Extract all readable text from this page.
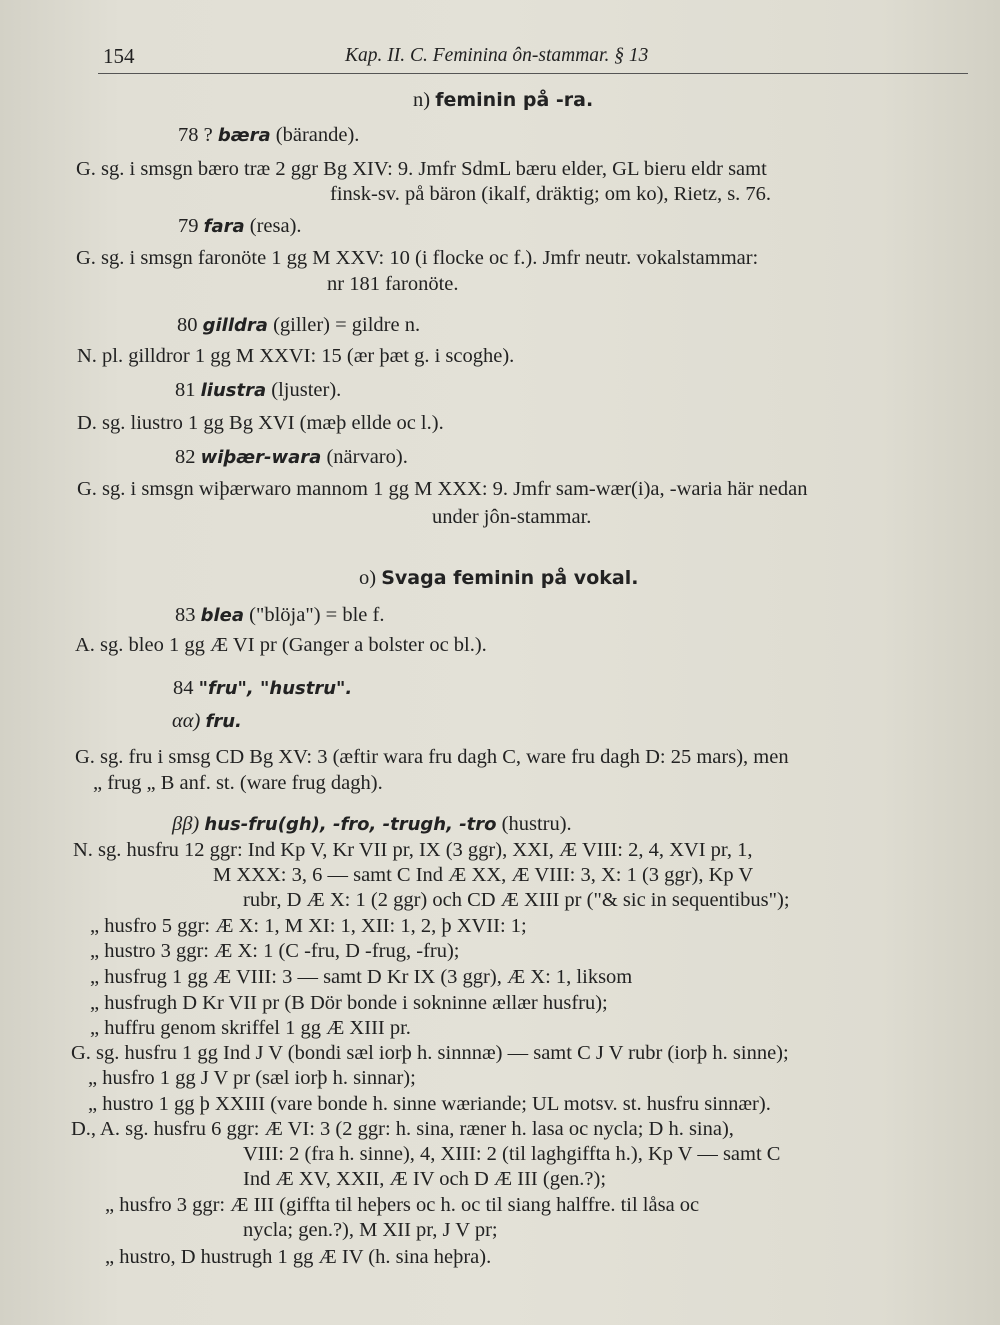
154	Kap. II. C. Feminina ôn-stammar. § 13
n) feminin på -ra.
78 ? bæra (bärande).
G. sg. i smsgn bæro træ 2 ggr Bg XIV: 9. Jmfr SdmL bæru elder, GL bieru eldr samt
finsk-sv. på bäron (ikalf, dräktig; om ko), Rietz, s. 76.
79 fara (resa).
G. sg. i smsgn faronöte 1 gg M XXV: 10 (i flocke oc f.). Jmfr neutr. vokalstammar:
nr 181 faronöte.
80 gilldra (giller) = gildre n.
N. pl. gilldror 1 gg M XXVI: 15 (ær þæt g. i scoghe).
81 liustra (ljuster).
D. sg. liustro 1 gg Bg XVI (mæþ ellde oc l.).
82 wiþær-wara (närvaro).
G. sg. i smsgn wiþærwaro mannom 1 gg M XXX: 9. Jmfr sam-wær(i)a, -waria här nedan
under jôn-stammar.
o) Svaga feminin på vokal.
83 blea ("blöja") = ble f.
A. sg. bleo 1 gg Æ VI pr (Ganger a bolster oc bl.).
84 "fru", "hustru".
αα) fru.
G. sg. fru i smsg CD Bg XV: 3 (æftir wara fru dagh C, ware fru dagh D: 25 mars), men
„ frug „ B anf. st. (ware frug dagh).
ββ) hus-fru(gh), -fro, -trugh, -tro (hustru).
N. sg. husfru 12 ggr: Ind Kp V, Kr VII pr, IX (3 ggr), XXI, Æ VIII: 2, 4, XVI pr, 1,
M XXX: 3, 6 — samt C Ind Æ XX, Æ VIII: 3, X: 1 (3 ggr), Kp V
rubr, D Æ X: 1 (2 ggr) och CD Æ XIII pr ("& sic in sequentibus");
„ husfro 5 ggr: Æ X: 1, M XI: 1, XII: 1, 2, þ XVII: 1;
„ hustro 3 ggr: Æ X: 1 (C -fru, D -frug, -fru);
„ husfrug 1 gg Æ VIII: 3 — samt D Kr IX (3 ggr), Æ X: 1, liksom
„ husfrugh D Kr VII pr (B Dör bonde i sokninne ællær husfru);
„ huffru genom skriffel 1 gg Æ XIII pr.
G. sg. husfru 1 gg Ind J V (bondi sæl iorþ h. sinnnæ) — samt C J V rubr (iorþ h. sinne);
„ husfro 1 gg J V pr (sæl iorþ h. sinnar);
„ hustro 1 gg þ XXIII (vare bonde h. sinne wæriande; UL motsv. st. husfru sinnær).
D., A. sg. husfru 6 ggr: Æ VI: 3 (2 ggr: h. sina, ræner h. lasa oc nycla; D h. sina),
VIII: 2 (fra h. sinne), 4, XIII: 2 (til laghgiffta h.), Kp V — samt C
Ind Æ XV, XXII, Æ IV och D Æ III (gen.?);
„ husfro 3 ggr: Æ III (giffta til heþers oc h. oc til siang halffre. til låsa oc
nycla; gen.?), M XII pr, J V pr;
„ hustro, D hustrugh 1 gg Æ IV (h. sina heþra).
